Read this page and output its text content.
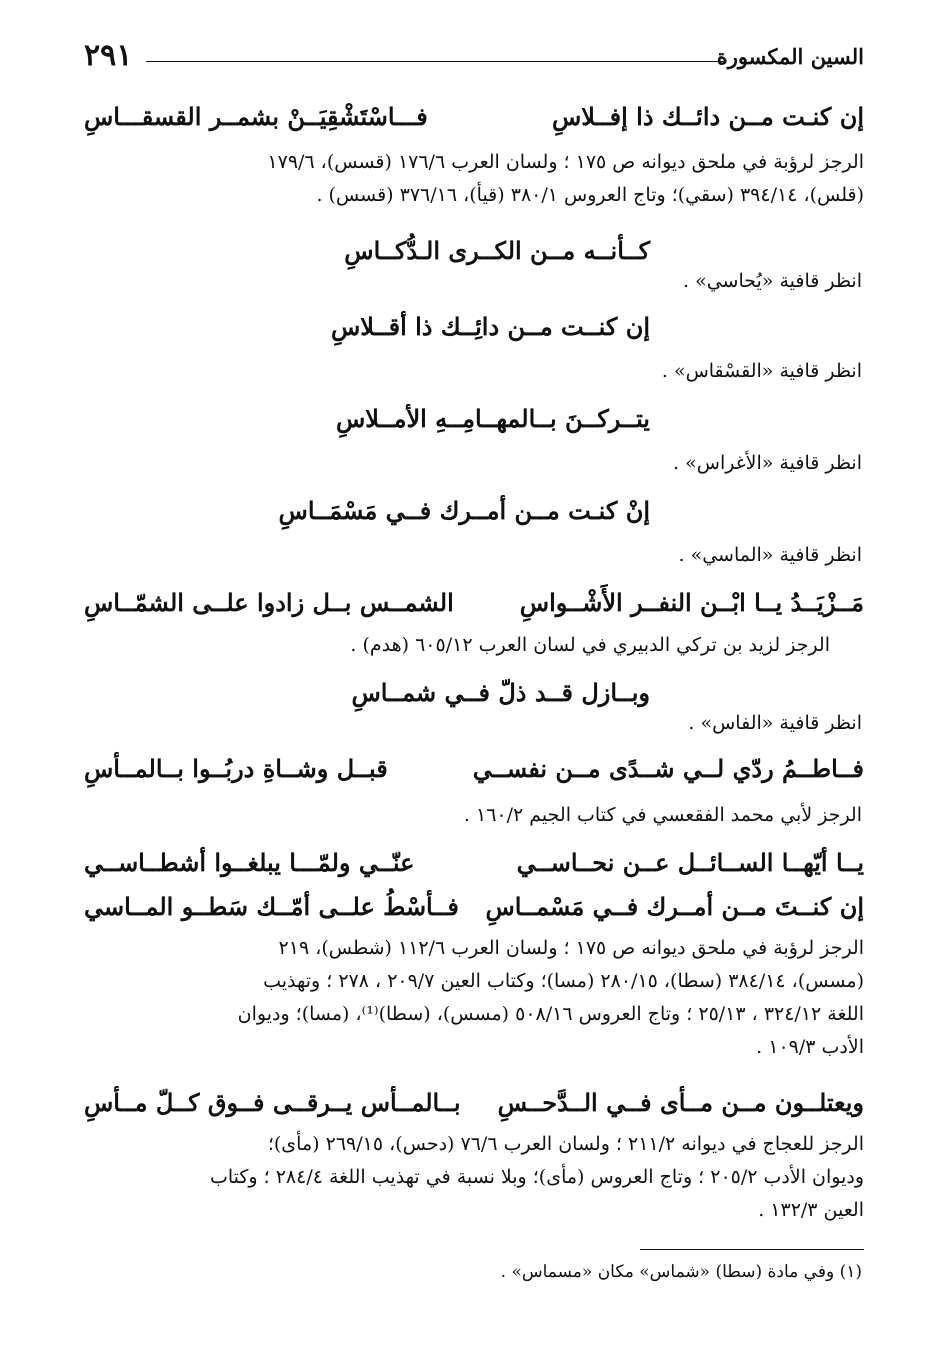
السين المكسورة
٢٩١
إن كنـت مــن دائــك ذا إفــلاسِ
فـــاسْتَشْقِيَــنْ بشمــر القسقـــاسِ
الرجز لرؤبة في ملحق ديوانه ص ١٧٥ ؛ ولسان العرب ١٧٦/٦ (قسس)، ١٧٩/٦
(قلس)، ٣٩٤/١٤ (سقي)؛ وتاج العروس ٣٨٠/١ (قيأ)، ٣٧٦/١٦ (قسس) .
كــأنــه مــن الكــرى الـدُّكــاسِ
انظر قافية «يُحاسي» .
إن كنــت مــن دائِــك ذا أقــلاسِ
انظر قافية «القسْقاس» .
يتــركــنَ بــالمهــامِــهِ الأمــلاسِ
انظر قافية «الأغراس» .
إنْ كنـت مــن أمــرك فــي مَسْمَــاسِ
انظر قافية «الماسي» .
مَــزْيَــدُ يــا ابْــن النفــر الأَشْــواسِ
الشمــس بــل زادوا علــى الشمّــاسِ
الرجز لزيد بن تركي الدبيري في لسان العرب ٦٠٥/١٢ (هدم) .
وبــازل قــد ذلّ فــي شمــاسِ
انظر قافية «الفاس» .
فــاطــمُ ردّي لــي شــدًى مــن نفســي
قبــل وشــاةِ دربُــوا بــالمــأسِ
الرجز لأبي محمد الفقعسي في كتاب الجيم ١٦٠/٢ .
يــا أيّهــا الســائــل عــن نحــاســي
عنّــي ولمّـــا يبلغــوا أشطــاســي
إن كنــتَ مــن أمــرك فــي مَسْمــاسِ
فــأسْطُ علــى أمّــك سَطــو المــاسي
الرجز لرؤبة في ملحق ديوانه ص ١٧٥ ؛ ولسان العرب ١١٢/٦ (شطس)، ٢١٩
(مسس)، ٣٨٤/١٤ (سطا)، ٢٨٠/١٥ (مسا)؛ وكتاب العين ٢٠٩/٧ ، ٢٧٨ ؛ وتهذيب
اللغة ٣٢٤/١٢ ، ٢٥/١٣ ؛ وتاج العروس ٥٠٨/١٦ (مسس)، (سطا)⁽¹⁾، (مسا)؛ وديوان
الأدب ١٠٩/٣ .
ويعتلــون مــن مــأى فــي الــدَّحــسِ
بــالمــأس يــرقــى فــوق كــلّ مــأسِ
الرجز للعجاج في ديوانه ٢١١/٢ ؛ ولسان العرب ٧٦/٦ (دحس)، ٢٦٩/١٥ (مأى)؛
وديوان الأدب ٢٠٥/٢ ؛ وتاج العروس (مأى)؛ وبلا نسبة في تهذيب اللغة ٢٨٤/٤ ؛ وكتاب
العين ١٣٢/٣ .
(١) وفي مادة (سطا) «شماس» مكان «مسماس» .
